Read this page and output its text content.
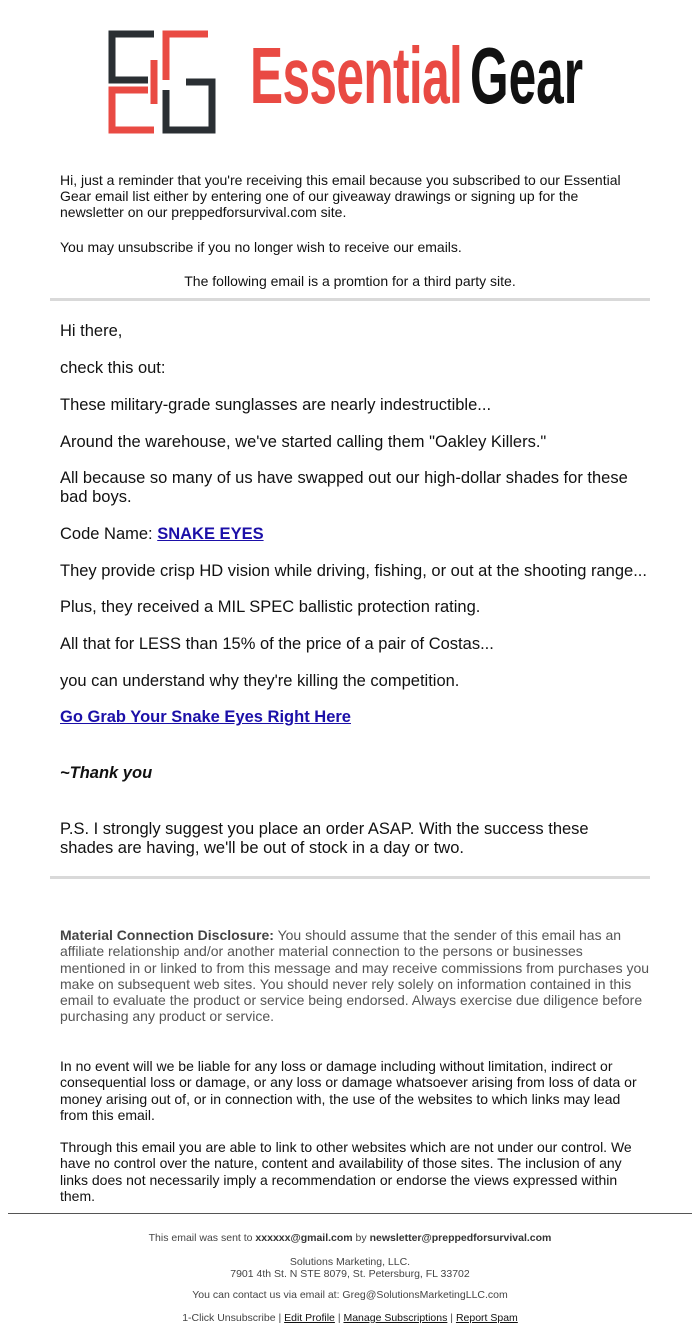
Essential Gear
Hi, just a reminder that you're receiving this email because you subscribed to our Essential Gear email list either by entering one of our giveaway drawings or signing up for the newsletter on our preppedforsurvival.com site.
You may unsubscribe if you no longer wish to receive our emails.
The following email is a promtion for a third party site.
Hi there,
check this out:
These military-grade sunglasses are nearly indestructible...
Around the warehouse, we've started calling them "Oakley Killers."
All because so many of us have swapped out our high-dollar shades for these bad boys.
Code Name: SNAKE EYES
They provide crisp HD vision while driving, fishing, or out at the shooting range...
Plus, they received a MIL SPEC ballistic protection rating.
All that for LESS than 15% of the price of a pair of Costas...
you can understand why they're killing the competition.
Go Grab Your Snake Eyes Right Here
~Thank you
P.S. I strongly suggest you place an order ASAP. With the success these shades are having, we'll be out of stock in a day or two.
Material Connection Disclosure: You should assume that the sender of this email has an affiliate relationship and/or another material connection to the persons or businesses mentioned in or linked to from this message and may receive commissions from purchases you make on subsequent web sites. You should never rely solely on information contained in this email to evaluate the product or service being endorsed. Always exercise due diligence before purchasing any product or service.
In no event will we be liable for any loss or damage including without limitation, indirect or consequential loss or damage, or any loss or damage whatsoever arising from loss of data or money arising out of, or in connection with, the use of the websites to which links may lead from this email.
Through this email you are able to link to other websites which are not under our control. We have no control over the nature, content and availability of those sites. The inclusion of any links does not necessarily imply a recommendation or endorse the views expressed within them.
This email was sent to xxxxxx@gmail.com by newsletter@preppedforsurvival.com
Solutions Marketing, LLC.
7901 4th St. N STE 8079, St. Petersburg, FL 33702
You can contact us via email at: Greg@SolutionsMarketingLLC.com
1-Click Unsubscribe | Edit Profile | Manage Subscriptions | Report Spam
